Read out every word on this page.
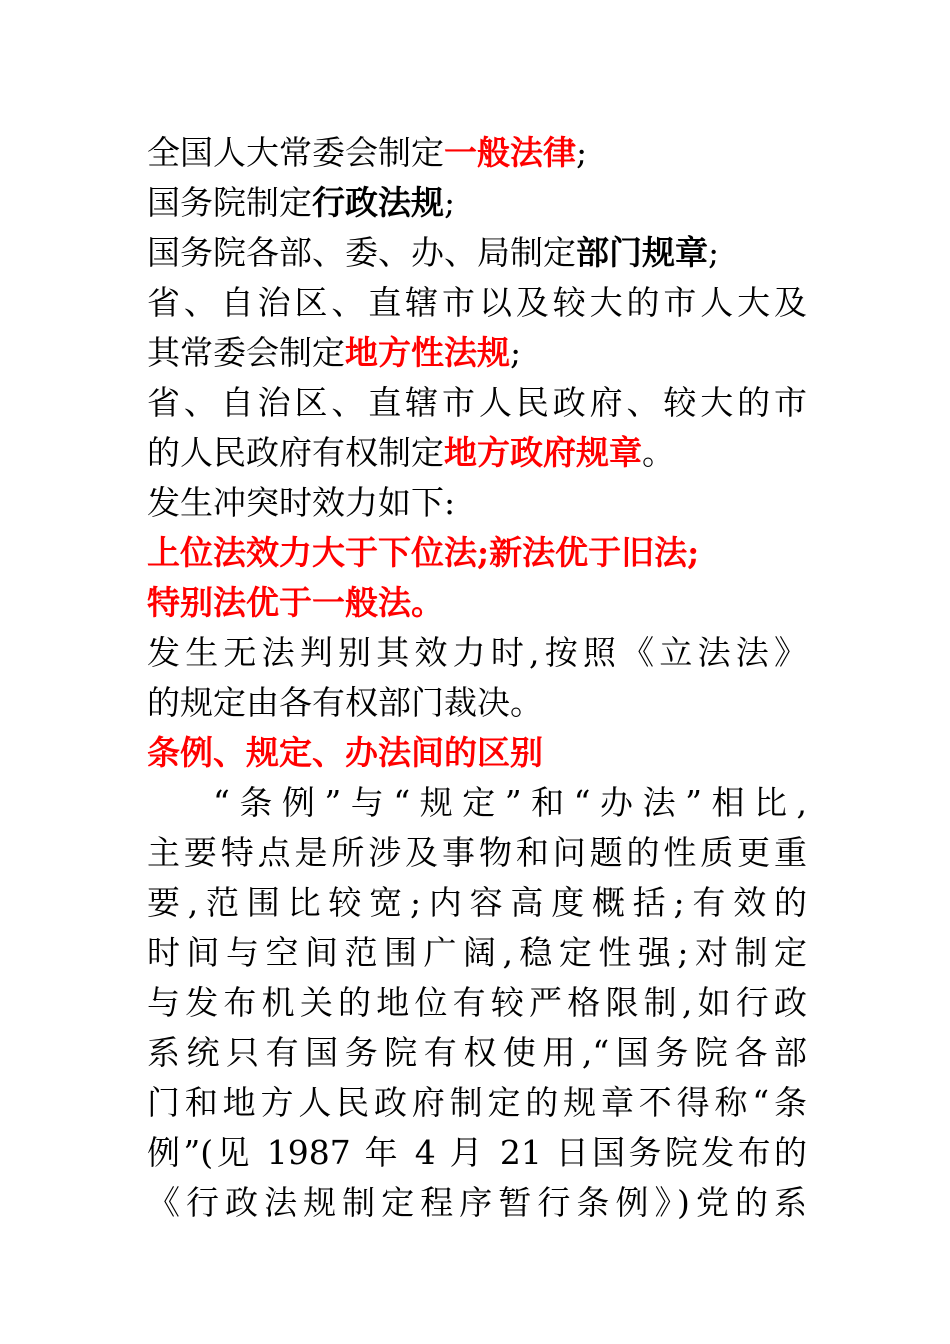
全国人大常委会制定一般法律;
国务院制定行政法规;
国务院各部、委、办、局制定部门规章;
省、自治区、直辖市以及较大的市人大及
其常委会制定地方性法规;
省、自治区、直辖市人民政府、较大的市
的人民政府有权制定地方政府规章。
发生冲突时效力如下:
上位法效力大于下位法;新法优于旧法;
特别法优于一般法。
发生无法判别其效力时,按照《立法法》
的规定由各有权部门裁决。
条例、规定、办法间的区别
“条例”与“规定”和“办法”相比,
主要特点是所涉及事物和问题的性质更重
要,范围比较宽;内容高度概括;有效的
时间与空间范围广阔,稳定性强;对制定
与发布机关的地位有较严格限制,如行政
系统只有国务院有权使用,“国务院各部
门和地方人民政府制定的规章不得称“条
例”(见 1987 年 4 月 21 日国务院发布的
《行政法规制定程序暂行条例》)党的系
